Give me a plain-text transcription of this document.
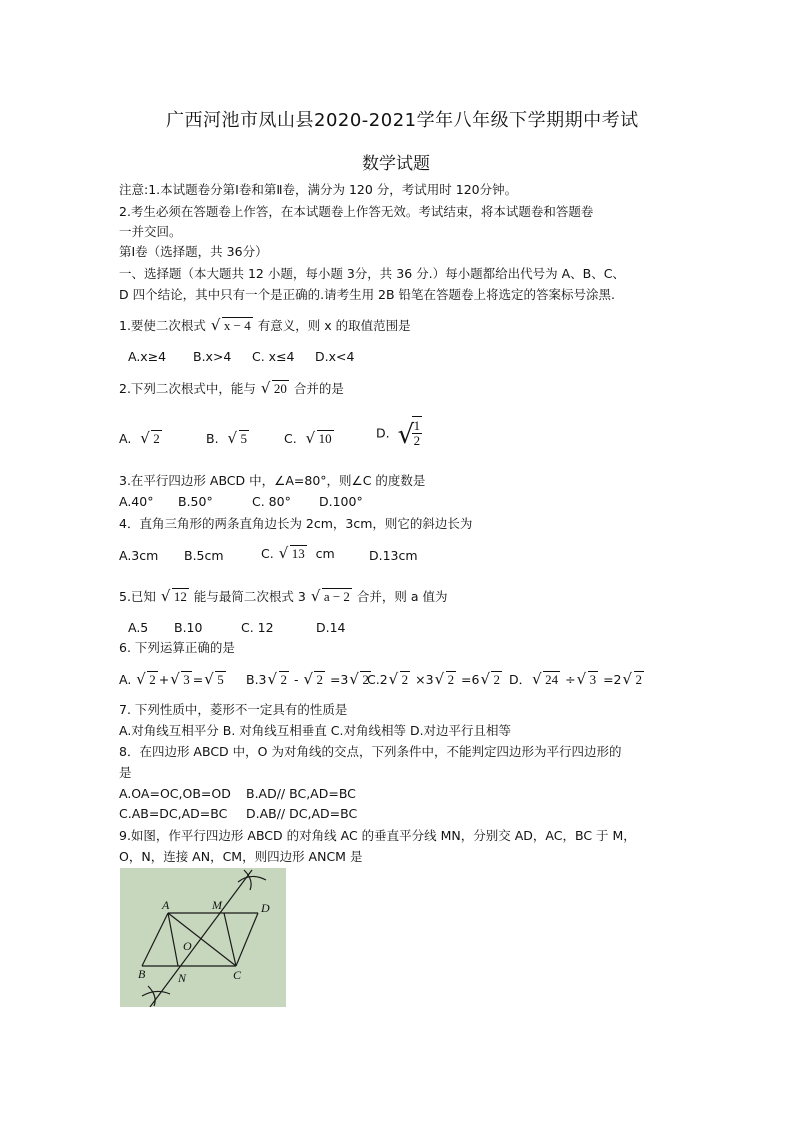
广西河池市凤山县2020-2021学年八年级下学期期中考试
数学试题
注意:1.本试题卷分第Ⅰ卷和第Ⅱ卷，满分为 120 分，考试用时 120分钟。
2.考生必须在答题卷上作答，在本试题卷上作答无效。考试结束，将本试题卷和答题卷
一并交回。
第Ⅰ卷（选择题，共 36分）
一、选择题（本大题共 12 小题，每小题 3分，共 36 分.）每小题都给出代号为 A、B、C、
D 四个结论，其中只有一个是正确的.请考生用 2B 铅笔在答题卷上将选定的答案标号涂黑.
1.要使二次根式 √ x − 4 有意义，则 x 的取值范围是
A.x≥4 B.x>4 C. x≤4 D.x<4
2.下列二次根式中，能与 √ 20 合并的是
A. √ 2	B. √ 5	C. √ 10	D. √
$\frac{1}{2}$
3.在平行四边形 ABCD 中，∠A=80°，则∠C 的度数是
A.40° B.50°	C. 80° D.100°
4．直角三角形的两条直角边长为 2cm，3cm，则它的斜边长为
A.3cm B.5cm	C. √ 13 cm	D.13cm
5.已知 √ 12 能与最简二次根式 3 √ a − 2 合并，则 a 值为
A.5 B.10	C. 12	D.14
6. 下列运算正确的是
A. √ 2 + √ 3 = √ 5 B.3 √ 2 - √ 2 =3 √ 2
C.2 √ 2 ×3 √ 2 =6 √ 2 D． √ 24 ÷ √ 3 =2 √ 2
7. 下列性质中，菱形不一定具有的性质是
A.对角线互相平分 B. 对角线互相垂直 C.对角线相等 D.对边平行且相等
8．在四边形 ABCD 中，O 为对角线的交点，下列条件中，不能判定四边形为平行四边形的
是
A.OA=OC,OB=OD B.AD// BC,AD=BC
C.AB=DC,AD=BC D.AB// DC,AD=BC
9.如图，作平行四边形 ABCD 的对角线 AC 的垂直平分线 MN，分别交 AD，AC，BC 于 M，
O，N，连接 AN，CM，则四边形 ANCM 是
A	M	D
O
B	N	C
